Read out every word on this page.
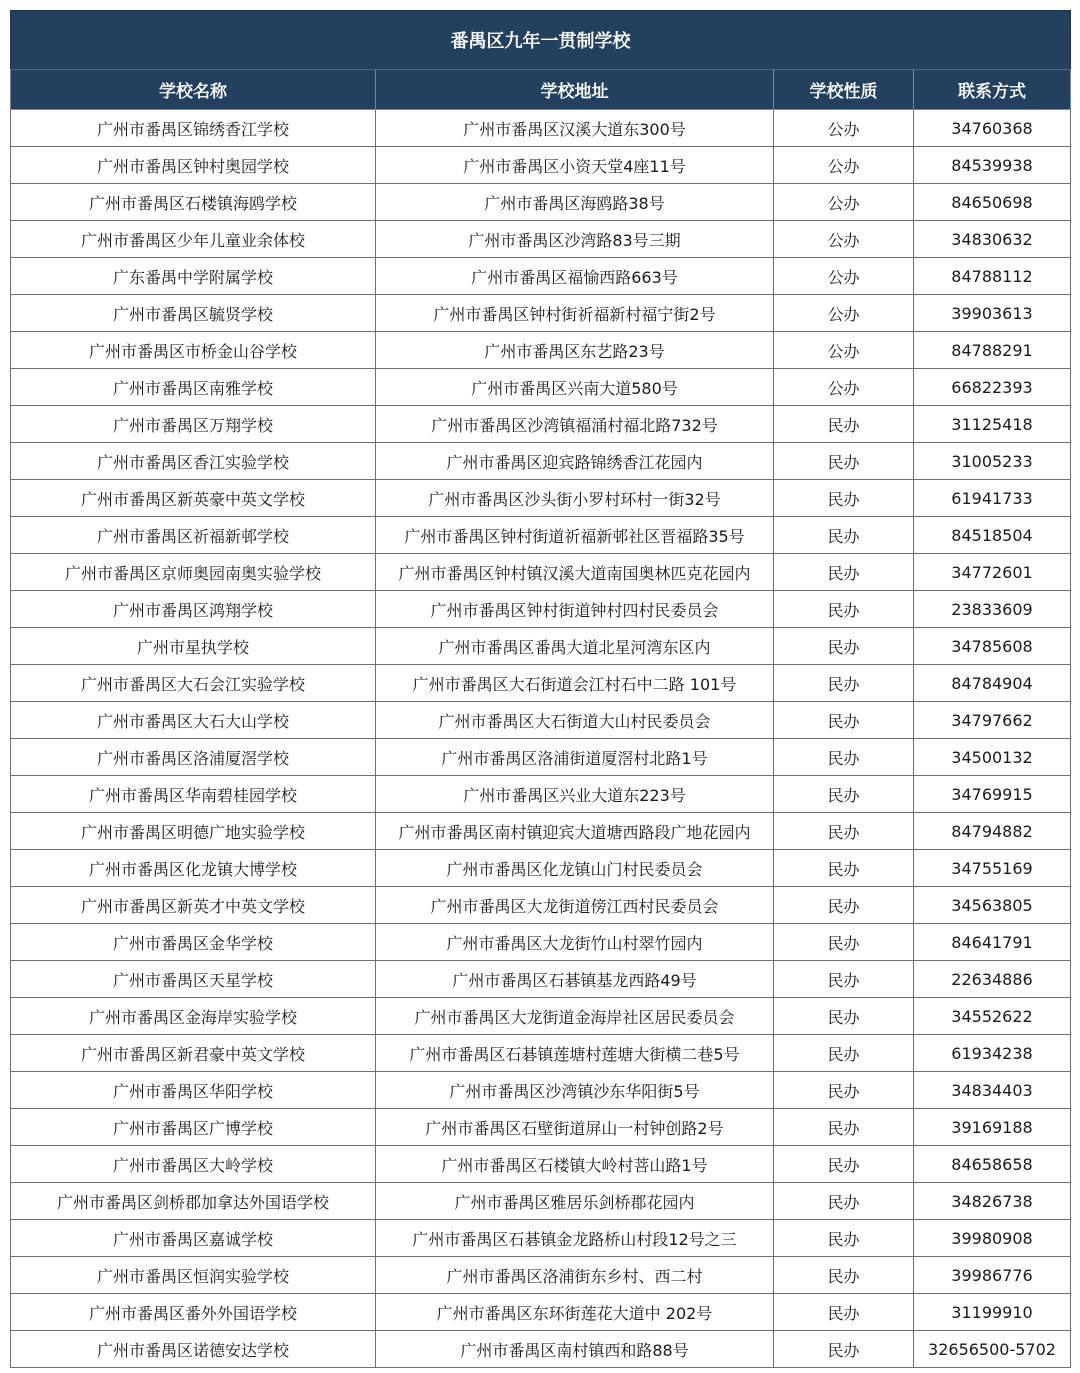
番禺区九年一贯制学校			
学校名称	学校地址	学校性质	联系方式
广州市番禺区锦绣香江学校	广州市番禺区汉溪大道东300号	公办	34760368
广州市番禺区钟村奥园学校	广州市番禺区小资天堂4座11号	公办	84539938
广州市番禺区石楼镇海鸥学校	广州市番禺区海鸥路38号	公办	84650698
广州市番禺区少年儿童业余体校	广州市番禺区沙湾路83号三期	公办	34830632
广东番禺中学附属学校	广州市番禺区福愉西路663号	公办	84788112
广州市番禺区毓贤学校	广州市番禺区钟村街祈福新村福宁街2号	公办	39903613
广州市番禺区市桥金山谷学校	广州市番禺区东艺路23号	公办	84788291
广州市番禺区南雅学校	广州市番禺区兴南大道580号	公办	66822393
广州市番禺区万翔学校	广州市番禺区沙湾镇福涌村福北路732号	民办	31125418
广州市番禺区香江实验学校	广州市番禺区迎宾路锦绣香江花园内	民办	31005233
广州市番禺区新英豪中英文学校	广州市番禺区沙头街小罗村环村一街32号	民办	61941733
广州市番禺区祈福新邨学校	广州市番禺区钟村街道祈福新邨社区晋福路35号	民办	84518504
广州市番禺区京师奥园南奥实验学校	广州市番禺区钟村镇汉溪大道南国奥林匹克花园内	民办	34772601
广州市番禺区鸿翔学校	广州市番禺区钟村街道钟村四村民委员会	民办	23833609
广州市星执学校	广州市番禺区番禺大道北星河湾东区内	民办	34785608
广州市番禺区大石会江实验学校	广州市番禺区大石街道会江村石中二路 101号	民办	84784904
广州市番禺区大石大山学校	广州市番禺区大石街道大山村民委员会	民办	34797662
广州市番禺区洛浦厦滘学校	广州市番禺区洛浦街道厦滘村北路1号	民办	34500132
广州市番禺区华南碧桂园学校	广州市番禺区兴业大道东223号	民办	34769915
广州市番禺区明德广地实验学校	广州市番禺区南村镇迎宾大道塘西路段广地花园内	民办	84794882
广州市番禺区化龙镇大博学校	广州市番禺区化龙镇山门村民委员会	民办	34755169
广州市番禺区新英才中英文学校	广州市番禺区大龙街道傍江西村民委员会	民办	34563805
广州市番禺区金华学校	广州市番禺区大龙街竹山村翠竹园内	民办	84641791
广州市番禺区天星学校	广州市番禺区石碁镇基龙西路49号	民办	22634886
广州市番禺区金海岸实验学校	广州市番禺区大龙街道金海岸社区居民委员会	民办	34552622
广州市番禺区新君豪中英文学校	广州市番禺区石碁镇莲塘村莲塘大街横二巷5号	民办	61934238
广州市番禺区华阳学校	广州市番禺区沙湾镇沙东华阳街5号	民办	34834403
广州市番禺区广博学校	广州市番禺区石壁街道屏山一村钟创路2号	民办	39169188
广州市番禺区大岭学校	广州市番禺区石楼镇大岭村菩山路1号	民办	84658658
广州市番禺区剑桥郡加拿达外国语学校	广州市番禺区雅居乐剑桥郡花园内	民办	34826738
广州市番禺区嘉诚学校	广州市番禺区石碁镇金龙路桥山村段12号之三	民办	39980908
广州市番禺区恒润实验学校	广州市番禺区洛浦街东乡村、西二村	民办	39986776
广州市番禺区番外外国语学校	广州市番禺区东环街莲花大道中 202号	民办	31199910
广州市番禺区诺德安达学校	广州市番禺区南村镇西和路88号	民办	32656500-5702
